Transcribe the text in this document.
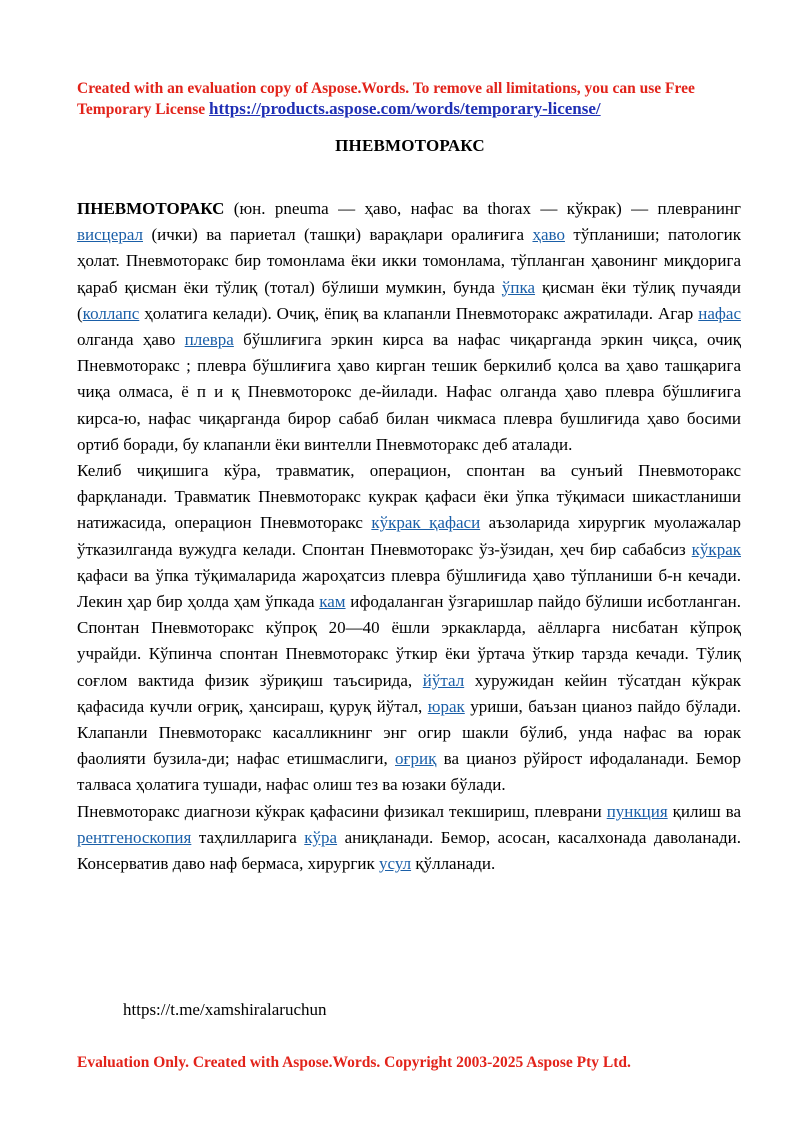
Created with an evaluation copy of Aspose.Words. To remove all limitations, you can use Free Temporary License https://products.aspose.com/words/temporary-license/
ПНЕВМОТОРАКС

ПНЕВМОТОРАКС (юн. pneuma — ҳаво, нафас ва thorax — кўкрак) — плевранинг висцерал (ички) ва париетал (ташқи) варақлари оралиғига ҳаво тўпланиши; патологик ҳолат. Пневмоторакс бир томонлама ёки икки томонлама, тўпланган ҳавонинг миқдорига қараб қисман ёки тўлиқ (тотал) бўлиши мумкин, бунда ўпка қисман ёки тўлиқ пучаяди (коллапс ҳолатига келади). Очиқ, ёпиқ ва клапанли Пневмоторакс ажратилади. Агар нафас олганда ҳаво плевра бўшлиғига эркин кирса ва нафас чиқарганда эркин чиқса, очиқ Пневмоторакс ; плевра бўшлиғига ҳаво кирган тешик беркилиб қолса ва ҳаво ташқарига чиқа олмаса, ё п и қ Пневмоторокс де-йилади. Нафас олганда ҳаво плевра бўшлиғига кирса-ю, нафас чиқарганда бирор сабаб билан чикмаса плевра бушлиғида ҳаво босими ортиб боради, бу клапанли ёки винтелли Пневмоторакс деб аталади.

Келиб чиқишига кўра, травматик, операцион, спонтан ва сунъий Пневмоторакс фарқланади. Травматик Пневмоторакс кукрак қафаси ёки ўпка тўқимаси шикастланиши натижасида, операцион Пневмоторакс кўкрак қафаси аъзоларида хирургик муолажалар ўтказилганда вужудга келади. Спонтан Пневмоторакс ўз-ўзидан, ҳеч бир сабабсиз кўкрак қафаси ва ўпка тўқималарида жароҳатсиз плевра бўшлиғида ҳаво тўпланиши б-н кечади. Лекин ҳар бир ҳолда ҳам ўпкада кам ифодаланган ўзгаришлар пайдо бўлиши исботланган. Спонтан Пневмоторакс кўпроқ 20—40 ёшли эркакларда, аёлларга нисбатан кўпроқ учрайди. Кўпинча спонтан Пневмоторакс ўткир ёки ўртача ўткир тарзда кечади. Тўлиқ соғлом вактида физик зўриқиш таъсирида, йўтал хуружидан кейин тўсатдан кўкрак қафасида кучли оғриқ, ҳансираш, қуруқ йўтал, юрак уриши, баъзан цианоз пайдо бўлади. Клапанли Пневмоторакс касалликнинг энг огир шакли бўлиб, унда нафас ва юрак фаолияти бузила-ди; нафас етишмаслиги, оғриқ ва цианоз рўйрост ифодаланади. Бемор талваса ҳолатига тушади, нафас олиш тез ва юзаки бўлади.

Пневмоторакс диагнози кўкрак қафасини физикал текшириш, плеврани пункция қилиш ва рентгеноскопия таҳлилларига кўра аниқланади. Бемор, асосан, касалхонада даволанади. Консерватив даво наф бермаса, хирургик усул қўлланади.

https://t.me/xamshiralaruchun
Evaluation Only. Created with Aspose.Words. Copyright 2003-2025 Aspose Pty Ltd.
